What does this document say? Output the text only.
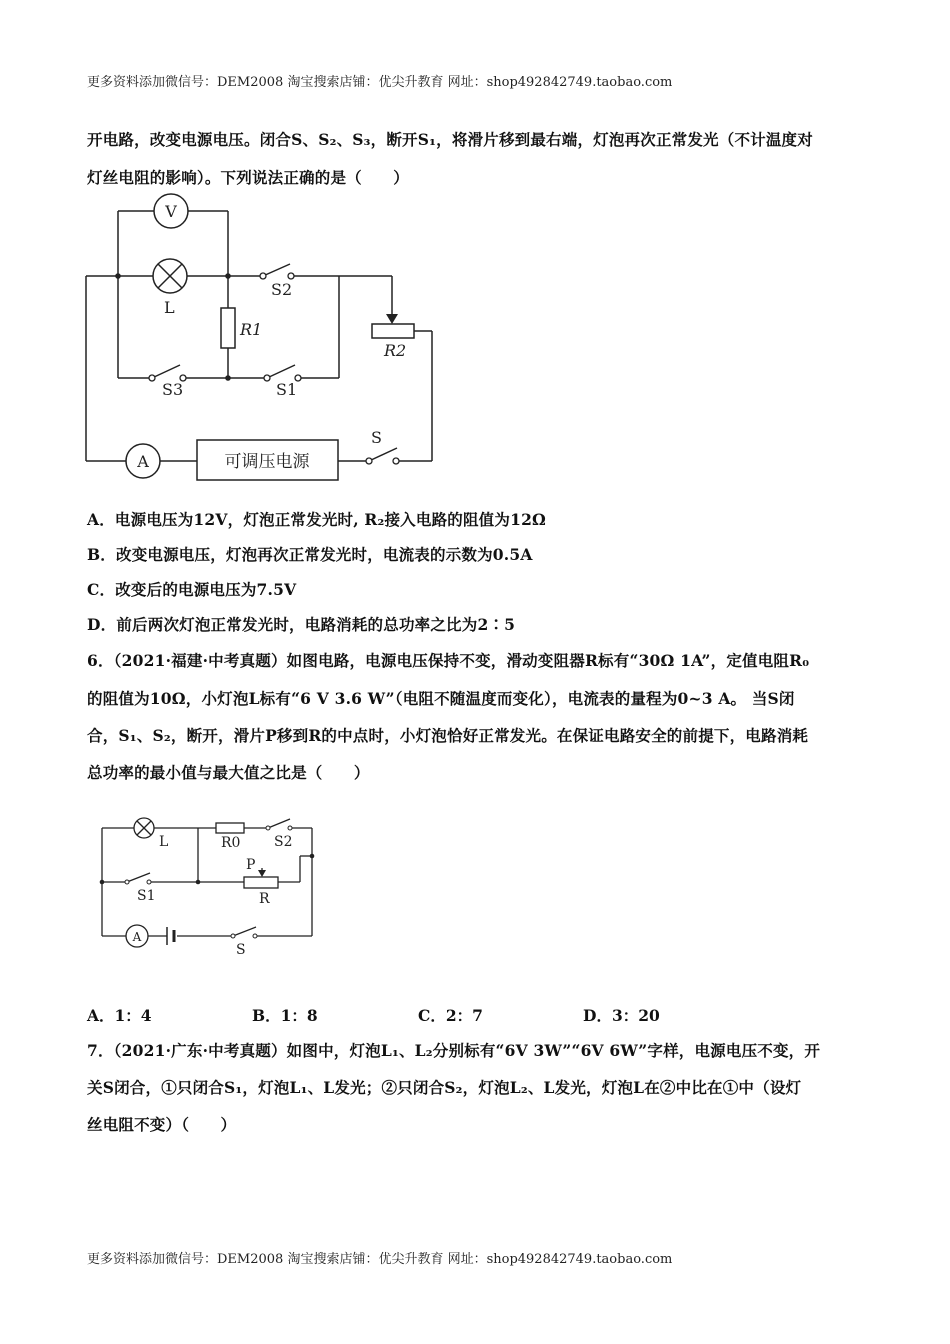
更多资料添加微信号：DEM2008 淘宝搜索店铺：优尖升教育 网址：shop492842749.taobao.com
开电路，改变电源电压。闭合S、S₂、S₃，断开S₁，将滑片移到最右端，灯泡再次正常发光（不计温度对
灯丝电阻的影响）。下列说法正确的是（　　）
V
A
L
R1
R2
S2
S3	S1
S
可调压电源
A．电源电压为12V，灯泡正常发光时, R₂接入电路的阻值为12Ω
B．改变电源电压，灯泡再次正常发光时，电流表的示数为0.5A
C．改变后的电源电压为7.5V
D．前后两次灯泡正常发光时，电路消耗的总功率之比为2∶5
6．（2021·福建·中考真题）如图电路，电源电压保持不变，滑动变阻器R标有“30Ω 1A”，定值电阻R₀
的阻值为10Ω，小灯泡L标有“6 V 3.6 W”（电阻不随温度而变化），电流表的量程为0~3 A。 当S闭
合，S₁、S₂，断开，滑片P移到R的中点时，小灯泡恰好正常发光。在保证电路安全的前提下，电路消耗
总功率的最小值与最大值之比是（　　）
L	R0 S2
S1
P
R
A
S
A．1：4	B．1：8	C．2：7	D．3：20
7．（2021·广东·中考真题）如图中，灯泡L₁、L₂分别标有“6V 3W”“6V 6W”字样，电源电压不变，开
关S闭合，①只闭合S₁，灯泡L₁、L发光；②只闭合S₂，灯泡L₂、L发光，灯泡L在②中比在①中（设灯
丝电阻不变）（　　）
更多资料添加微信号：DEM2008 淘宝搜索店铺：优尖升教育 网址：shop492842749.taobao.com
